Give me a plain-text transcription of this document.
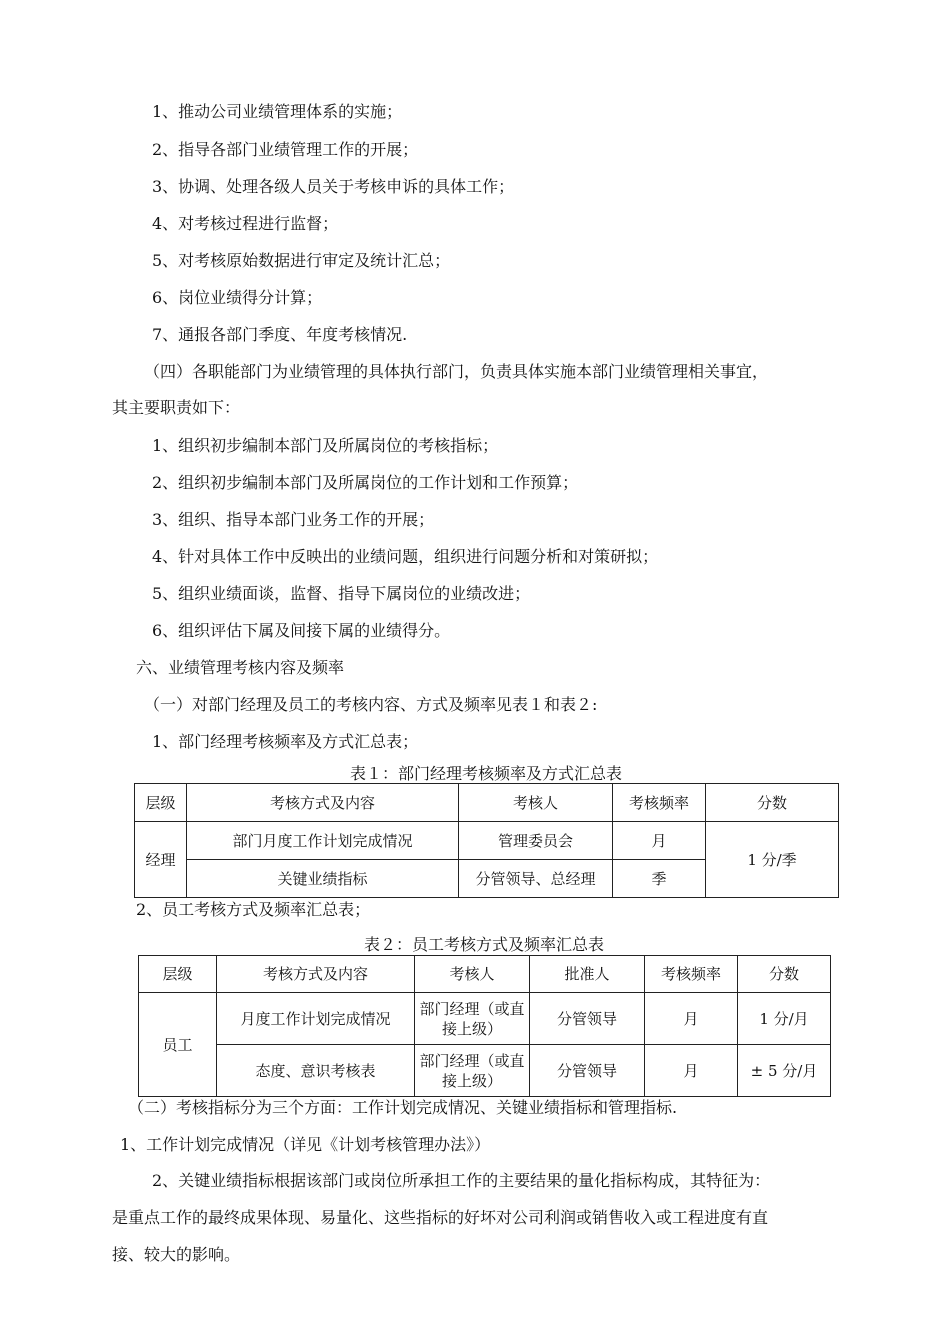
1、推动公司业绩管理体系的实施；
2、指导各部门业绩管理工作的开展；
3、协调、处理各级人员关于考核申诉的具体工作；
4、对考核过程进行监督；
5、对考核原始数据进行审定及统计汇总；
6、岗位业绩得分计算；
7、通报各部门季度、年度考核情况.
（四）各职能部门为业绩管理的具体执行部门，负责具体实施本部门业绩管理相关事宜，
其主要职责如下：
1、组织初步编制本部门及所属岗位的考核指标；
2、组织初步编制本部门及所属岗位的工作计划和工作预算；
3、组织、指导本部门业务工作的开展；
4、针对具体工作中反映出的业绩问题，组织进行问题分析和对策研拟；
5、组织业绩面谈，监督、指导下属岗位的业绩改进；
6、组织评估下属及间接下属的业绩得分。
六、业绩管理考核内容及频率
（一）对部门经理及员工的考核内容、方式及频率见表１和表２:
1、部门经理考核频率及方式汇总表；
表１：部门经理考核频率及方式汇总表
层级	考核方式及内容	考核人	考核频率	分数
经理	部门月度工作计划完成情况	管理委员会	月	1 分/季
	关键业绩指标	分管领导、总经理	季	
2、员工考核方式及频率汇总表；
表２：员工考核方式及频率汇总表
层级	考核方式及内容	考核人	批准人	考核频率	分数
员工	月度工作计划完成情况	部门经理（或直接上级）	分管领导	月	1 分/月
	态度、意识考核表	部门经理（或直接上级）	分管领导	月	± 5 分/月
（二）考核指标分为三个方面：工作计划完成情况、关键业绩指标和管理指标.
1、工作计划完成情况（详见《计划考核管理办法》）
2、关键业绩指标根据该部门或岗位所承担工作的主要结果的量化指标构成，其特征为：
是重点工作的最终成果体现、易量化、这些指标的好坏对公司利润或销售收入或工程进度有直
接、较大的影响。
